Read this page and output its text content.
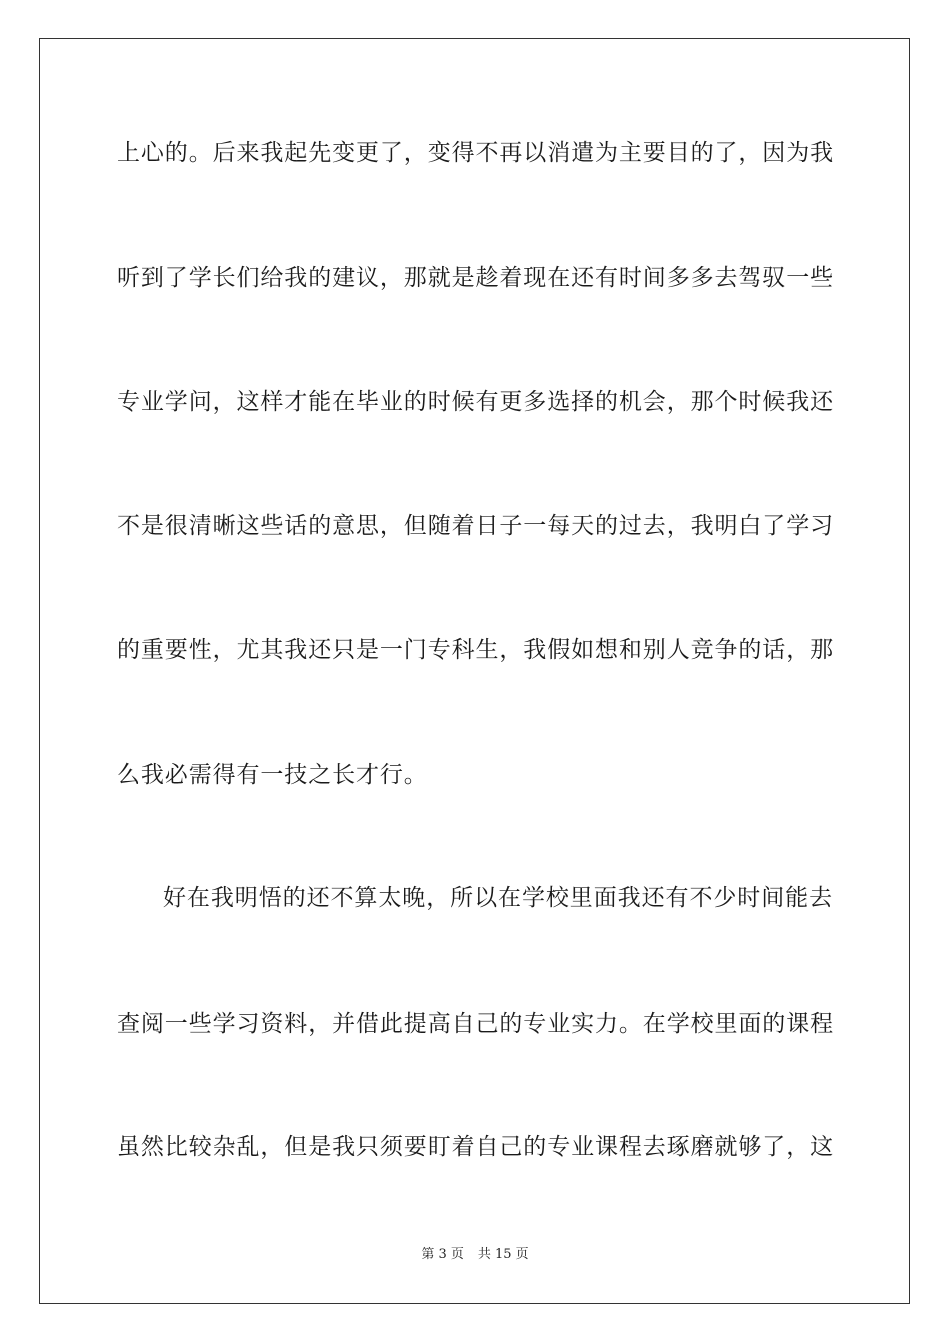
上心的。后来我起先变更了，变得不再以消遣为主要目的了，因为我
听到了学长们给我的建议，那就是趁着现在还有时间多多去驾驭一些
专业学问，这样才能在毕业的时候有更多选择的机会，那个时候我还
不是很清晰这些话的意思，但随着日子一每天的过去，我明白了学习
的重要性，尤其我还只是一门专科生，我假如想和别人竞争的话，那
么我必需得有一技之长才行。
好在我明悟的还不算太晚，所以在学校里面我还有不少时间能去
查阅一些学习资料，并借此提高自己的专业实力。在学校里面的课程
虽然比较杂乱，但是我只须要盯着自己的专业课程去琢磨就够了，这
第 3 页 共 15 页
